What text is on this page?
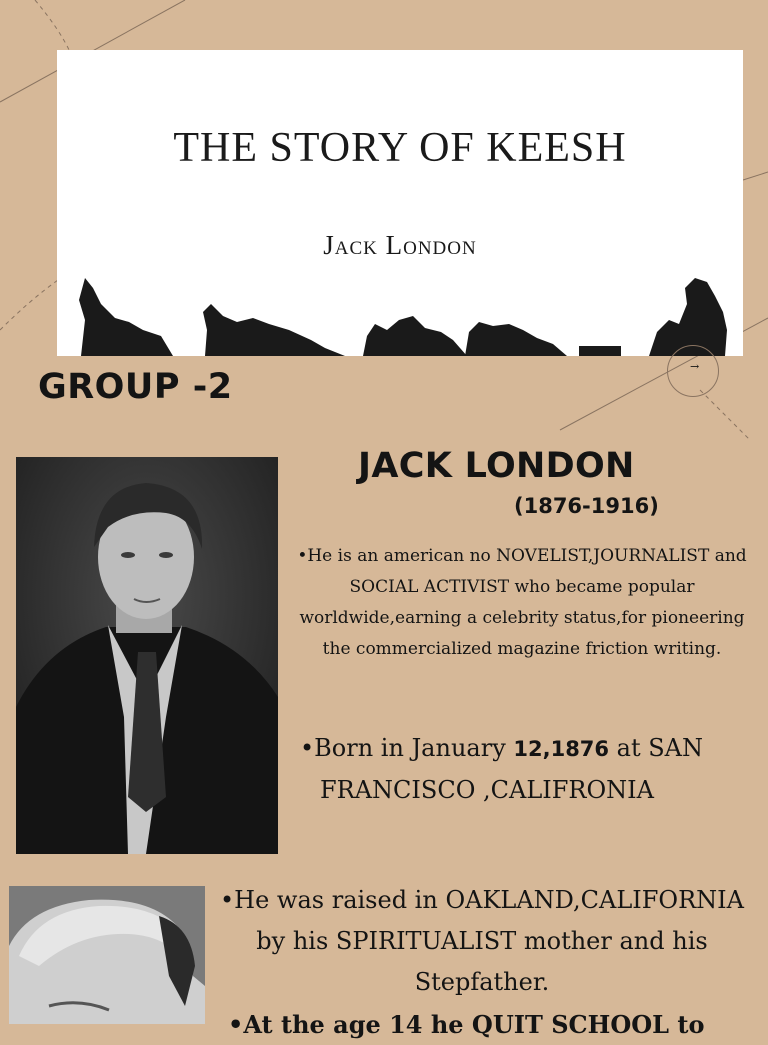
THE STORY OF KEESH
Jack London
GROUP -2
→
JACK LONDON
(1876-1916)

•He is an american no NOVELIST,JOURNALIST and SOCIAL ACTIVIST who became popular worldwide,earning a celebrity status,for pioneering the commercialized magazine friction writing.

•Born in January 12,1876 at SAN
FRANCISCO ,CALIFRONIA

•He was raised in OAKLAND,CALIFORNIA by his SPIRITUALIST mother and his Stepfather.

•At the age 14 he QUIT SCHOOL to
